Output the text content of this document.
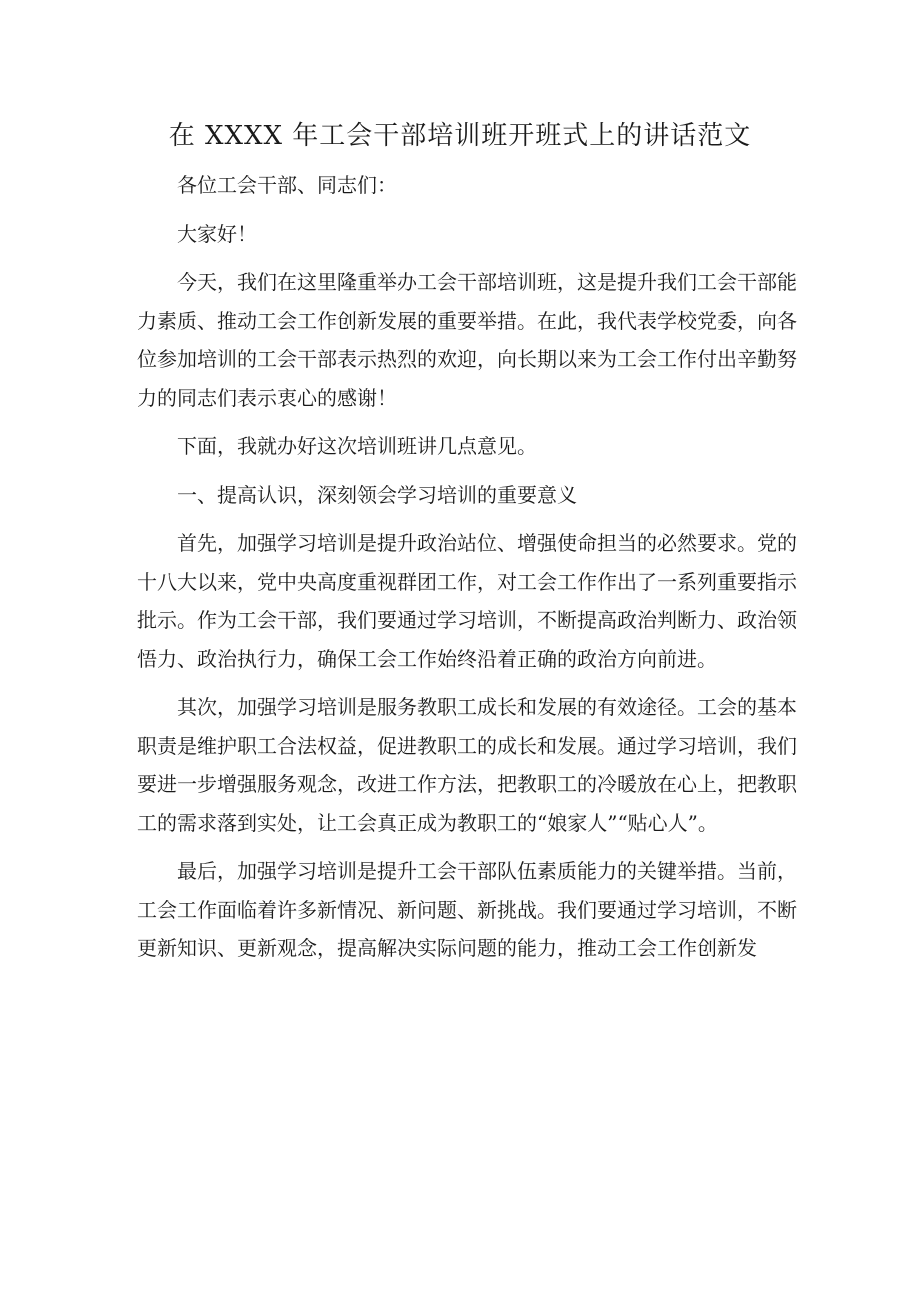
在 XXXX 年工会干部培训班开班式上的讲话范文

各位工会干部、同志们：

大家好！

今天，我们在这里隆重举办工会干部培训班，这是提升我们工会干部能力素质、推动工会工作创新发展的重要举措。在此，我代表学校党委，向各位参加培训的工会干部表示热烈的欢迎，向长期以来为工会工作付出辛勤努力的同志们表示衷心的感谢！

下面，我就办好这次培训班讲几点意见。

一、提高认识，深刻领会学习培训的重要意义

首先，加强学习培训是提升政治站位、增强使命担当的必然要求。党的十八大以来，党中央高度重视群团工作，对工会工作作出了一系列重要指示批示。作为工会干部，我们要通过学习培训，不断提高政治判断力、政治领悟力、政治执行力，确保工会工作始终沿着正确的政治方向前进。

其次，加强学习培训是服务教职工成长和发展的有效途径。工会的基本职责是维护职工合法权益，促进教职工的成长和发展。通过学习培训，我们要进一步增强服务观念，改进工作方法，把教职工的冷暖放在心上，把教职工的需求落到实处，让工会真正成为教职工的“娘家人”“贴心人”。

最后，加强学习培训是提升工会干部队伍素质能力的关键举措。当前，工会工作面临着许多新情况、新问题、新挑战。我们要通过学习培训，不断更新知识、更新观念，提高解决实际问题的能力，推动工会工作创新发
